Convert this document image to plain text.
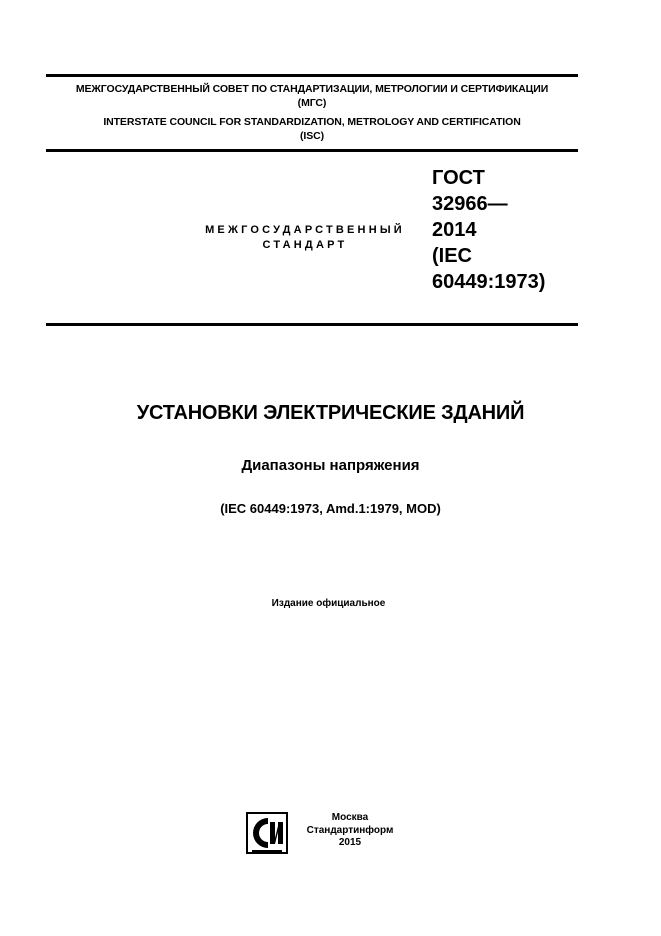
МЕЖГОСУДАРСТВЕННЫЙ СОВЕТ ПО СТАНДАРТИЗАЦИИ, МЕТРОЛОГИИ И СЕРТИФИКАЦИИ
(МГС)
INTERSTATE COUNCIL FOR STANDARDIZATION, METROLOGY AND CERTIFICATION
(ISC)
МЕЖГОСУДАРСТВЕННЫЙ
СТАНДАРТ
ГОСТ
32966—
2014
(IEC
60449:1973)
УСТАНОВКИ ЭЛЕКТРИЧЕСКИЕ ЗДАНИЙ
Диапазоны напряжения
(IEC 60449:1973, Amd.1:1979, MOD)
Издание официальное
Москва
Стандартинформ
2015
